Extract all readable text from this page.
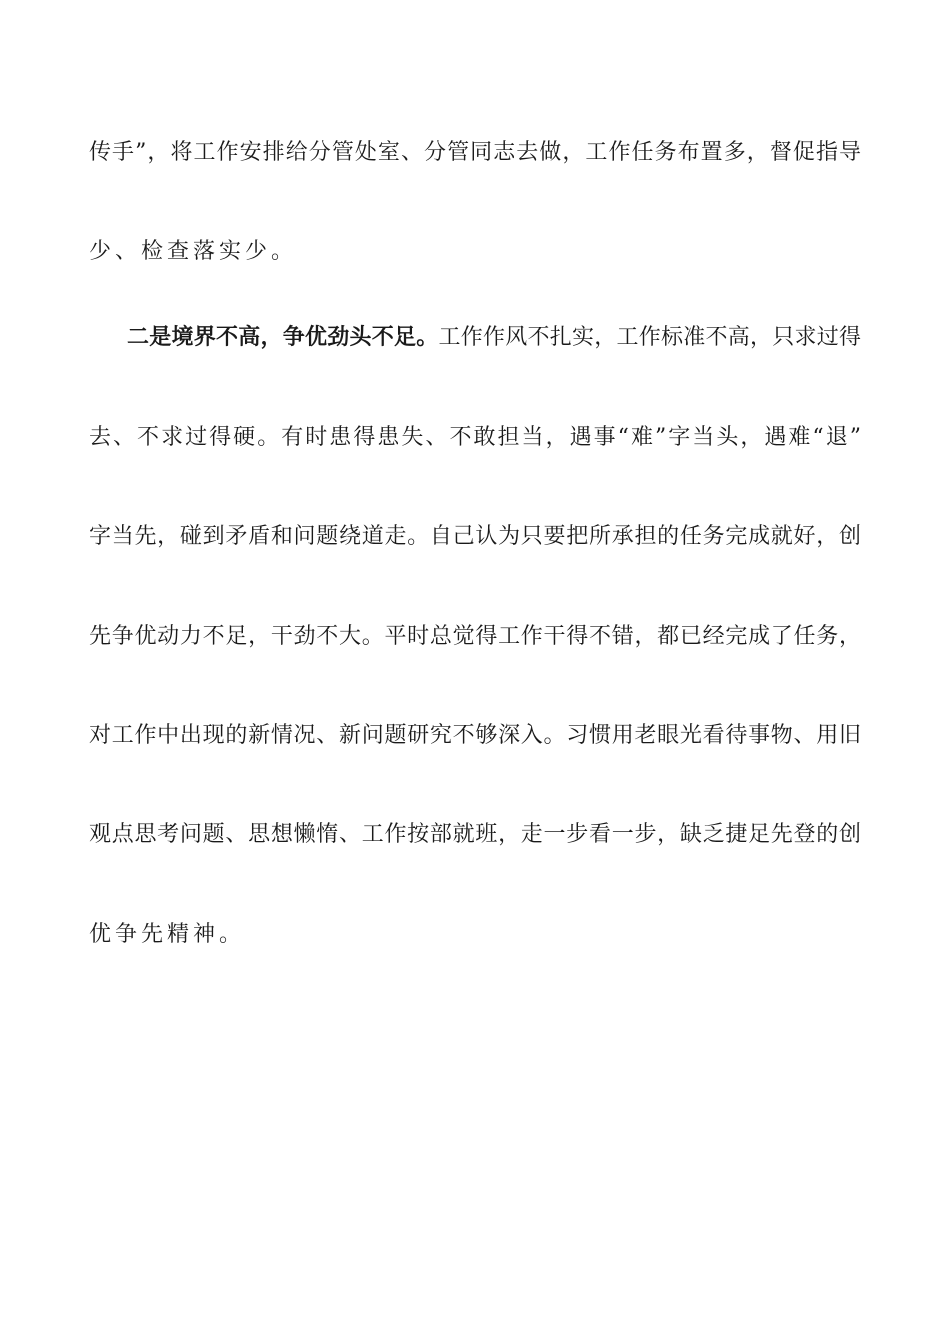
传手”，将工作安排给分管处室、分管同志去做，工作任务布置多，督促指导
少、检查落实少。
二是境界不高，争优劲头不足。工作作风不扎实，工作标准不高，只求过得
去、不求过得硬。有时患得患失、不敢担当，遇事“难”字当头，遇难“退”
字当先，碰到矛盾和问题绕道走。自己认为只要把所承担的任务完成就好，创
先争优动力不足，干劲不大。平时总觉得工作干得不错，都已经完成了任务，
对工作中出现的新情况、新问题研究不够深入。习惯用老眼光看待事物、用旧
观点思考问题、思想懒惰、工作按部就班，走一步看一步，缺乏捷足先登的创
优争先精神。
